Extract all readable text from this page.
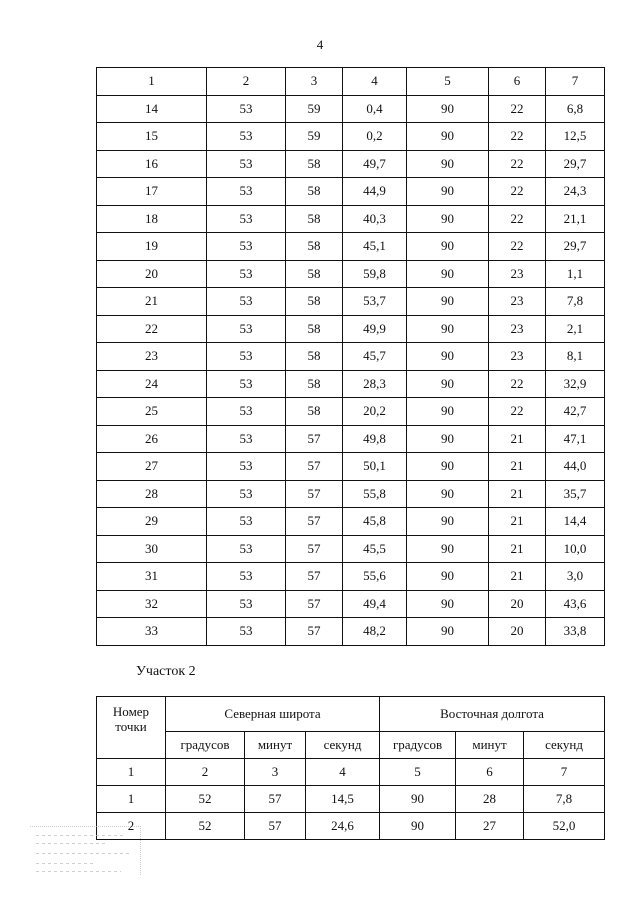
4
1	2	3	4	5	6	7
14	53	59	0,4	90	22	6,8
15	53	59	0,2	90	22	12,5
16	53	58	49,7	90	22	29,7
17	53	58	44,9	90	22	24,3
18	53	58	40,3	90	22	21,1
19	53	58	45,1	90	22	29,7
20	53	58	59,8	90	23	1,1
21	53	58	53,7	90	23	7,8
22	53	58	49,9	90	23	2,1
23	53	58	45,7	90	23	8,1
24	53	58	28,3	90	22	32,9
25	53	58	20,2	90	22	42,7
26	53	57	49,8	90	21	47,1
27	53	57	50,1	90	21	44,0
28	53	57	55,8	90	21	35,7
29	53	57	45,8	90	21	14,4
30	53	57	45,5	90	21	10,0
31	53	57	55,6	90	21	3,0
32	53	57	49,4	90	20	43,6
33	53	57	48,2	90	20	33,8
Участок 2
Номер точки	Северная широта			Восточная долгота		
	градусов	минут	секунд	градусов	минут	секунд
1	2	3	4	5	6	7
1	52	57	14,5	90	28	7,8
2	52	57	24,6	90	27	52,0
